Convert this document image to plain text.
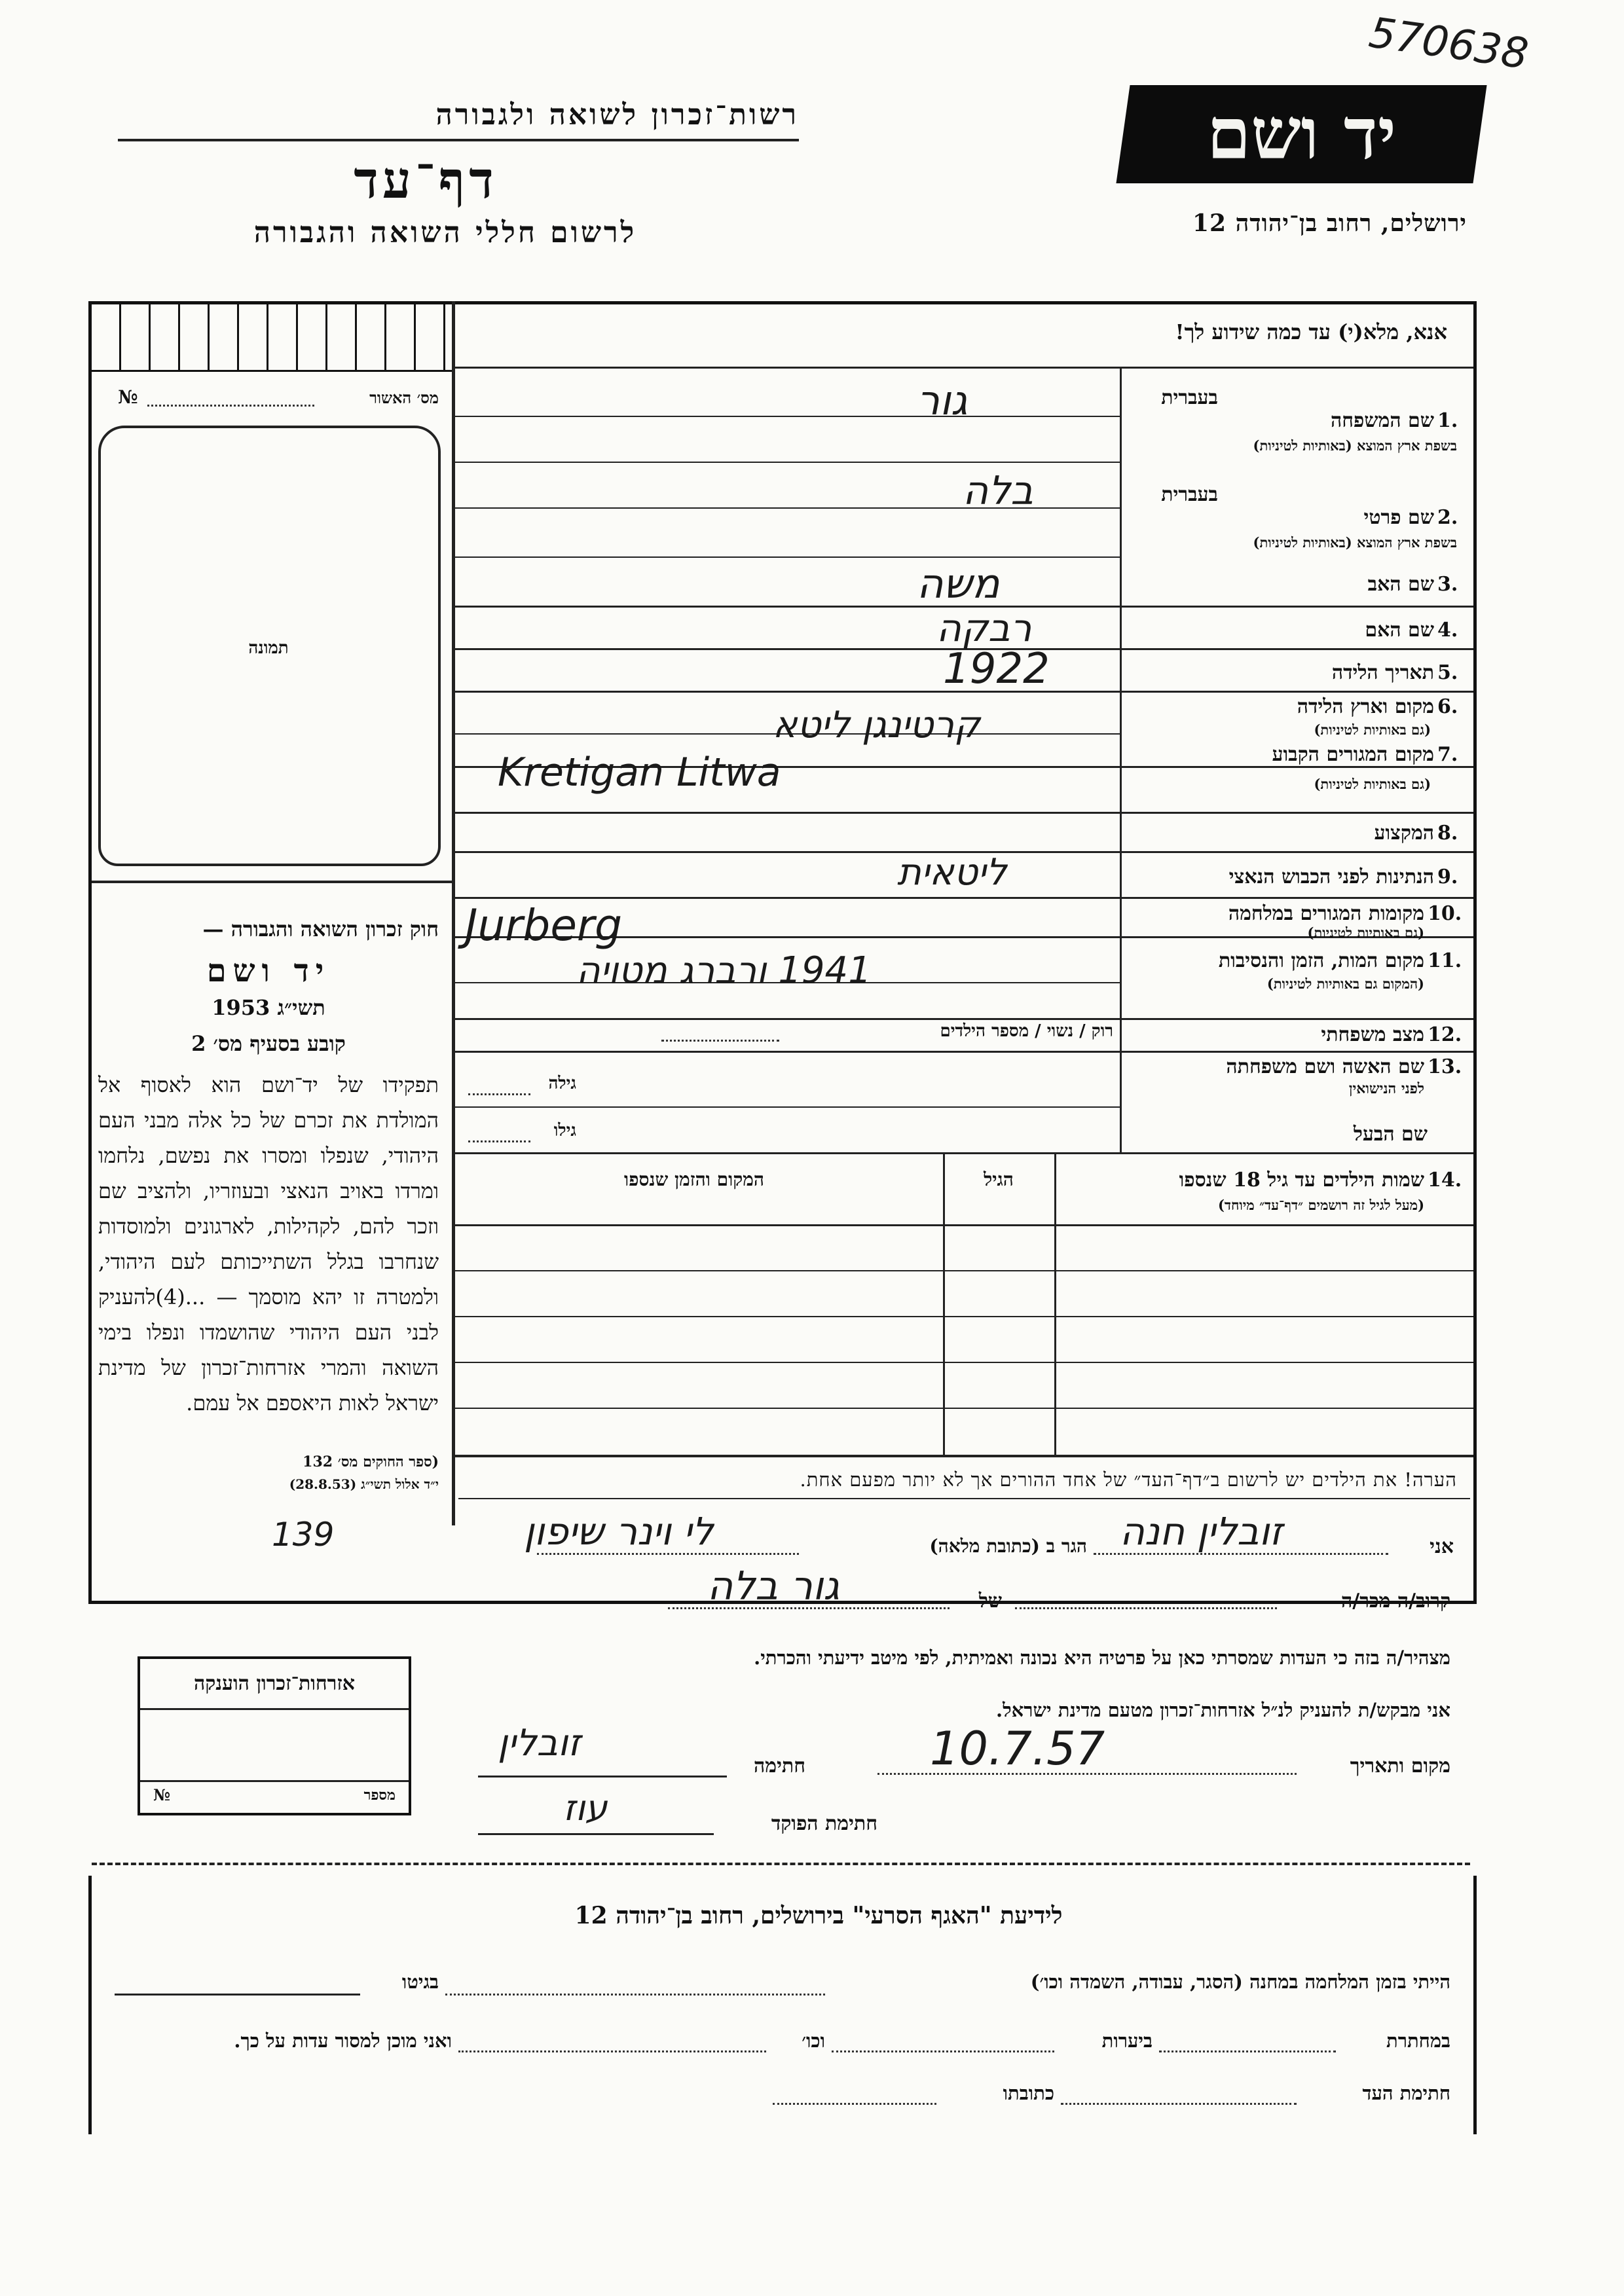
570638
יד ושם
רשות־זכרון לשואה ולגבורה
דף־עד
לרשום חללי השואה והגבורה	ירושלים, רחוב בן־יהודה 12
אנא, מלא(י) עד כמה שידוע לך!
מס׳ האשור
№
תמונה
חוק זכרון השואה והגבורה —
יד ושם
תשי״ג 1953
קובע בסעיף מס׳ 2
תפקידו של יד־ושם הוא לאסוף אל המולדת את זכרם של כל אלה מבני העם היהודי, שנפלו ומסרו את נפשם, נלחמו ומרדו באויב הנאצי ובעוזריו, ולהציב שם וזכר להם, לקהילות, לארגונים ולמוסדות שנחרבו בגלל השתייכותם לעם היהודי, ולמטרה זו יהא מוסמך — ...(4)להעניק לבני העם היהודי שהושמדו ונפלו בימי השואה והמרי אזרחות־זכרון של מדינת ישראל לאות היאספם אל עמם.
(ספר החוקים מס׳ 132
י״ד אלול תשי״ג (28.8.53)
בעברית
1.
שם המשפחה
בשפת ארץ המוצא (באותיות לטיניות)
גור
בעברית
2.
שם פרטי
בשפת ארץ המוצא (באותיות לטיניות)
בלה
3.
שם האב
משה
4.
שם האם
רבקה
5.
תאריך הלידה
1922
6.
מקום וארץ הלידה
(גם באותיות לטיניות)
קרטינגן ליטא
7.
מקום המגורים הקבוע
(גם באותיות לטיניות)
Kretigan Litwa
8.
המקצוע
9.
הנתינות לפני הכבוש הנאצי
ליטאית
10.
מקומות המגורים במלחמה
(גם באותיות לטיניות)
Jurberg
11.
מקום המות, הזמן והנסיבות
(המקום גם באותיות לטיניות)
1941 ורברג מטויה
12.
מצב משפחתי
רוק / נשוי / מספר הילדים
13.
שם האשה ושם משפחתה
לפני הנישואין
גילה
שם הבעל
גילו
14.
שמות הילדים עד גיל 18 שנספו
(מעל לגיל זה רושמים ״דף־עד״ מיוחד)
הגיל
המקום והזמן שנספו
הערה! את הילדים יש לרשום ב״דף־העד״ של אחד ההורים אך לא יותר מפעם אחת.
אני
זובלין חנה
הגר ב (כתובת מלאה)
לי וינר שיפון
139
קרוב/ה מכר/ה
של
גור בלה
מצהיר/ה בזה כי העדות שמסרתי כאן על פרטיה היא נכונה ואמיתית, לפי מיטב ידיעתי והכרתי.
אני מבקש/ת להעניק לנ״ל אזרחות־זכרון מטעם מדינת ישראל.
מקום ותאריך
10.7.57
חתימה
זובלין
חתימת הפוקד
עוז
אזרחות־זכרון הוענקה
מספר
№
לידיעת "האגף הסרעי" בירושלים, רחוב בן־יהודה 12
הייתי בזמן המלחמה במחנה (הסגר, עבודה, השמדה וכו׳)
בגיטו
במחתרת
ביערות
וכו׳
ואני מוכן למסור עדות על כך.
חתימת העד
כתובתו
